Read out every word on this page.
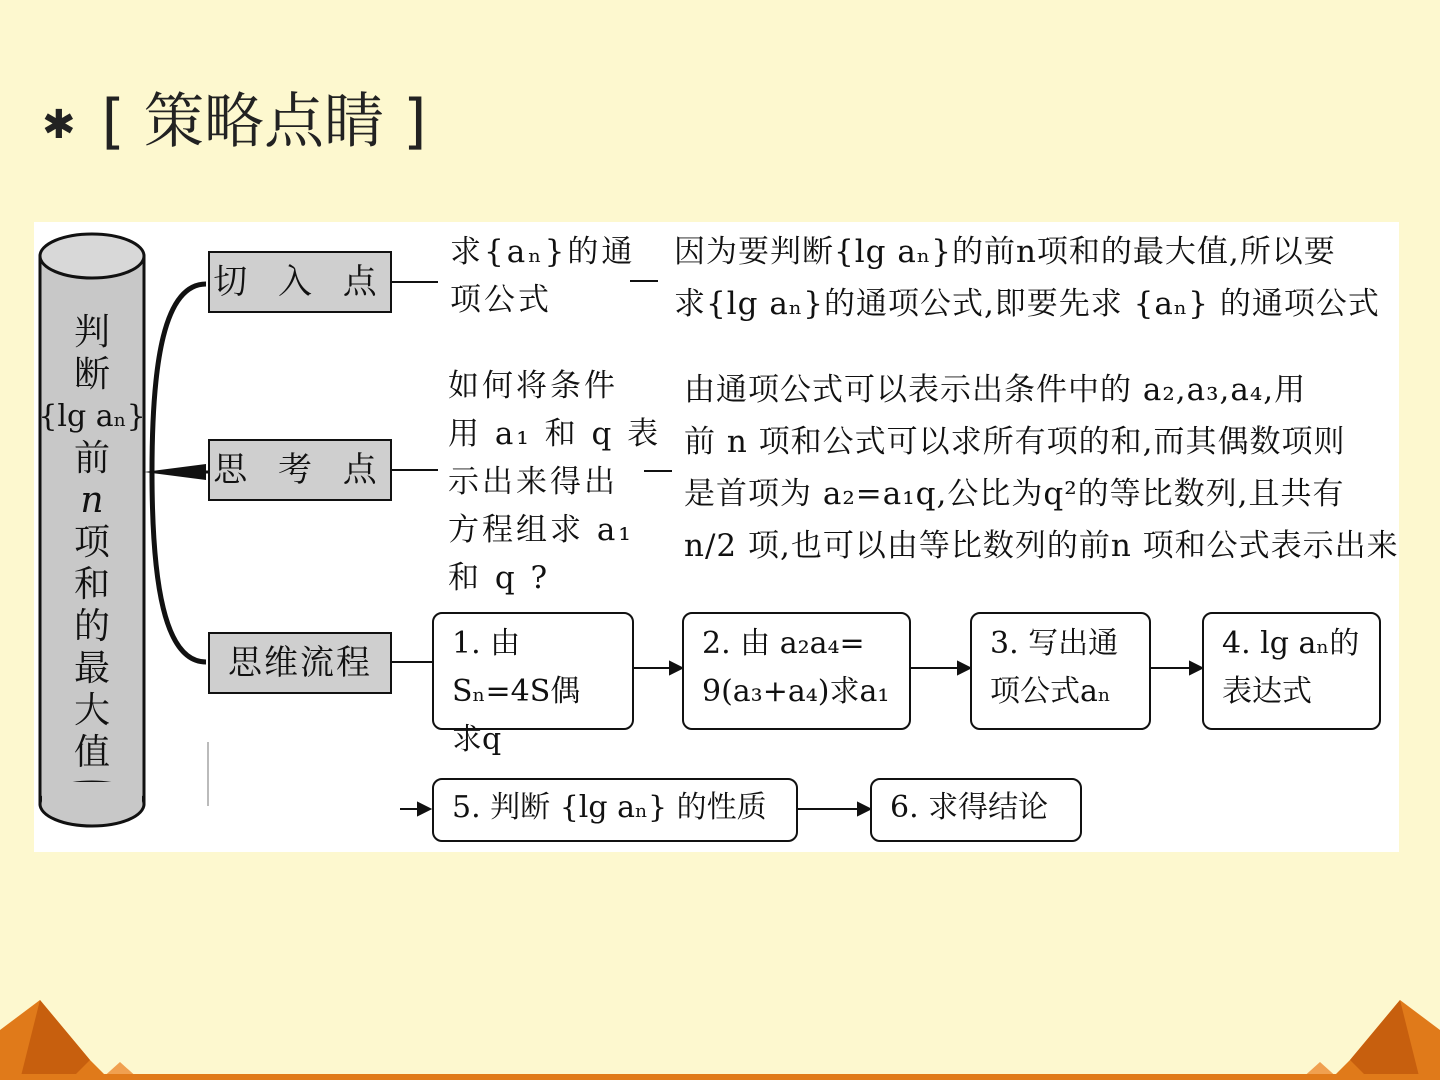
✱ [ 策略点睛 ]
判
断
{lg aₙ}
前
n
项
和
的
最
大
值
切 入 点
思 考 点
思维流程
求{aₙ}的通
项公式
因为要判断{lg aₙ}的前n项和的最大值,所以要
求{lg aₙ}的通项公式,即要先求 {aₙ} 的通项公式
如何将条件
用 a₁ 和 q 表
示出来得出
方程组求 a₁
和 q ?
由通项公式可以表示出条件中的 a₂,a₃,a₄,用
前 n 项和公式可以求所有项的和,而其偶数项则
是首项为 a₂=a₁q,公比为q²的等比数列,且共有
n/2 项,也可以由等比数列的前n 项和公式表示出来
1. 由Sₙ=4S偶
求q
2. 由 a₂a₄=
9(a₃+a₄)求a₁
3. 写出通
项公式aₙ
4. lg aₙ的
表达式
5. 判断 {lg aₙ} 的性质	6. 求得结论
